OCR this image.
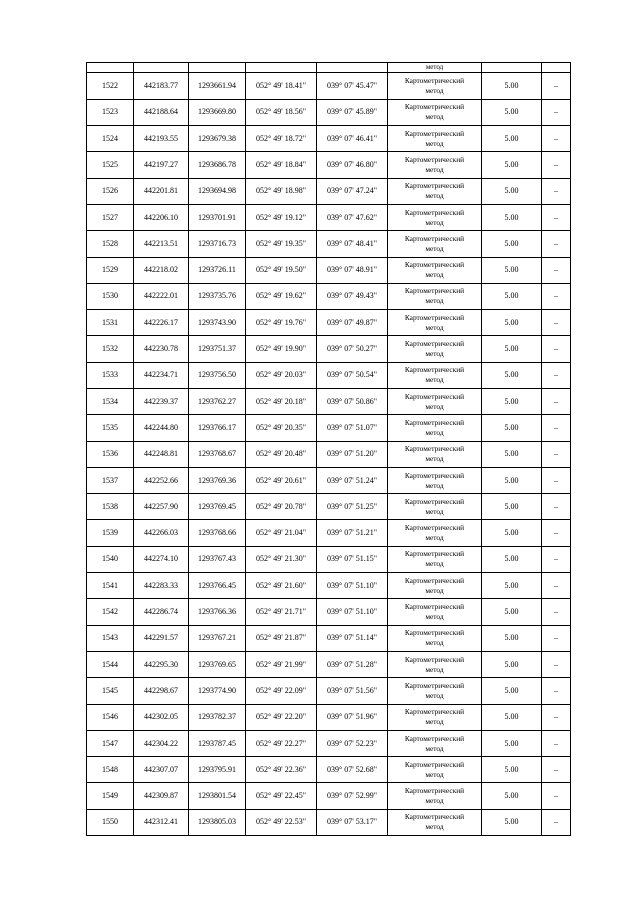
					метод		
1522	442183.77	1293661.94	052° 49' 18.41"	039° 07' 45.47"	Картометрический
метод	5.00	–
1523	442188.64	1293669.80	052° 49' 18.56"	039° 07' 45.89"	Картометрический
метод	5.00	–
1524	442193.55	1293679.38	052° 49' 18.72"	039° 07' 46.41"	Картометрический
метод	5.00	–
1525	442197.27	1293686.78	052° 49' 18.84"	039° 07' 46.80"	Картометрический
метод	5.00	–
1526	442201.81	1293694.98	052° 49' 18.98"	039° 07' 47.24"	Картометрический
метод	5.00	–
1527	442206.10	1293701.91	052° 49' 19.12"	039° 07' 47.62"	Картометрический
метод	5.00	–
1528	442213.51	1293716.73	052° 49' 19.35"	039° 07' 48.41"	Картометрический
метод	5.00	–
1529	442218.02	1293726.11	052° 49' 19.50"	039° 07' 48.91"	Картометрический
метод	5.00	–
1530	442222.01	1293735.76	052° 49' 19.62"	039° 07' 49.43"	Картометрический
метод	5.00	–
1531	442226.17	1293743.90	052° 49' 19.76"	039° 07' 49.87"	Картометрический
метод	5.00	–
1532	442230.78	1293751.37	052° 49' 19.90"	039° 07' 50.27"	Картометрический
метод	5.00	–
1533	442234.71	1293756.50	052° 49' 20.03"	039° 07' 50.54"	Картометрический
метод	5.00	–
1534	442239.37	1293762.27	052° 49' 20.18"	039° 07' 50.86"	Картометрический
метод	5.00	–
1535	442244.80	1293766.17	052° 49' 20.35"	039° 07' 51.07"	Картометрический
метод	5.00	–
1536	442248.81	1293768.67	052° 49' 20.48"	039° 07' 51.20"	Картометрический
метод	5.00	–
1537	442252.66	1293769.36	052° 49' 20.61"	039° 07' 51.24"	Картометрический
метод	5.00	–
1538	442257.90	1293769.45	052° 49' 20.78"	039° 07' 51.25"	Картометрический
метод	5.00	–
1539	442266.03	1293768.66	052° 49' 21.04"	039° 07' 51.21"	Картометрический
метод	5.00	–
1540	442274.10	1293767.43	052° 49' 21.30"	039° 07' 51.15"	Картометрический
метод	5.00	–
1541	442283.33	1293766.45	052° 49' 21.60"	039° 07' 51.10"	Картометрический
метод	5.00	–
1542	442286.74	1293766.36	052° 49' 21.71"	039° 07' 51.10"	Картометрический
метод	5.00	–
1543	442291.57	1293767.21	052° 49' 21.87"	039° 07' 51.14"	Картометрический
метод	5.00	–
1544	442295.30	1293769.65	052° 49' 21.99"	039° 07' 51.28"	Картометрический
метод	5.00	–
1545	442298.67	1293774.90	052° 49' 22.09"	039° 07' 51.56"	Картометрический
метод	5.00	–
1546	442302.05	1293782.37	052° 49' 22.20"	039° 07' 51.96"	Картометрический
метод	5.00	–
1547	442304.22	1293787.45	052° 49' 22.27"	039° 07' 52.23"	Картометрический
метод	5.00	–
1548	442307.07	1293795.91	052° 49' 22.36"	039° 07' 52.68"	Картометрический
метод	5.00	–
1549	442309.87	1293801.54	052° 49' 22.45"	039° 07' 52.99"	Картометрический
метод	5.00	–
1550	442312.41	1293805.03	052° 49' 22.53"	039° 07' 53.17"	Картометрический
метод	5.00	–
